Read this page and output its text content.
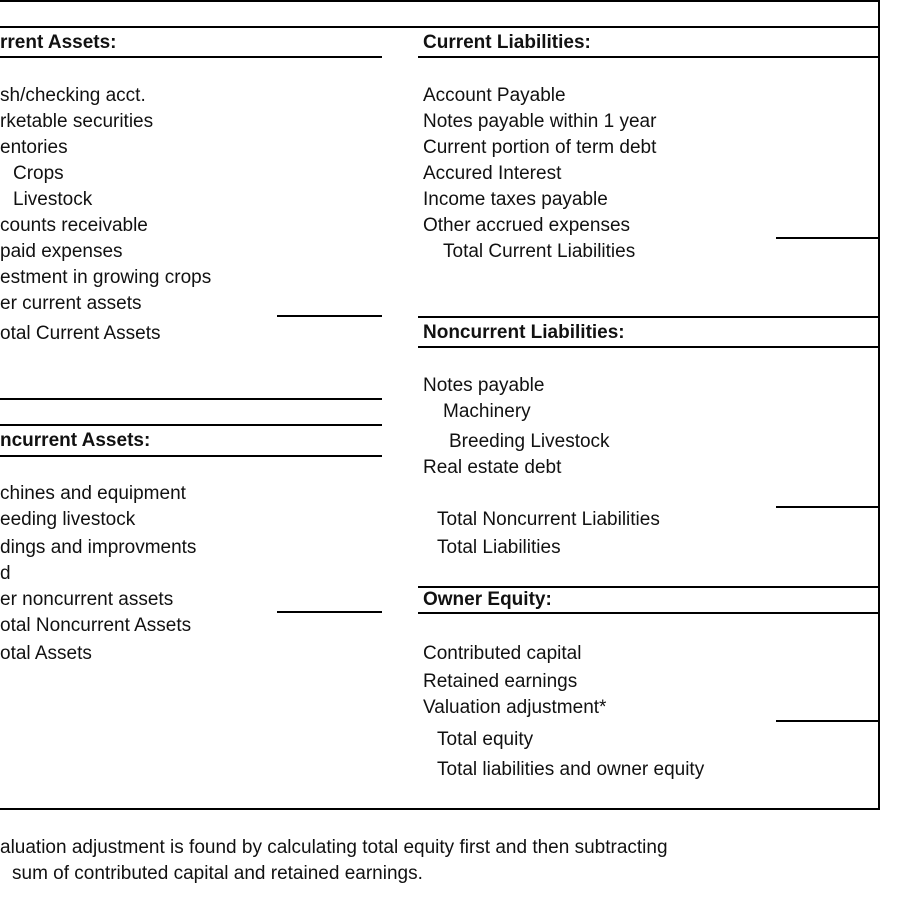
rrent Assets:
sh/checking acct.
rketable securities
entories
Crops
Livestock
counts receivable
paid expenses
estment in growing crops
er current assets
otal Current Assets
ncurrent Assets:
chines and equipment
eeding livestock
dings and improvments
d
er noncurrent assets
otal Noncurrent Assets
otal Assets
Current Liabilities:
Account Payable
Notes payable within 1 year
Current portion of term debt
Accured Interest
Income taxes payable
Other accrued expenses
Total Current Liabilities
Noncurrent Liabilities:
Notes payable
Machinery
Breeding Livestock
Real estate debt
Total Noncurrent Liabilities
Total Liabilities
Owner Equity:
Contributed capital
Retained earnings
Valuation adjustment*
Total equity
Total liabilities and owner equity
aluation adjustment is found by calculating total equity first and then subtracting
sum of contributed capital and retained earnings.
